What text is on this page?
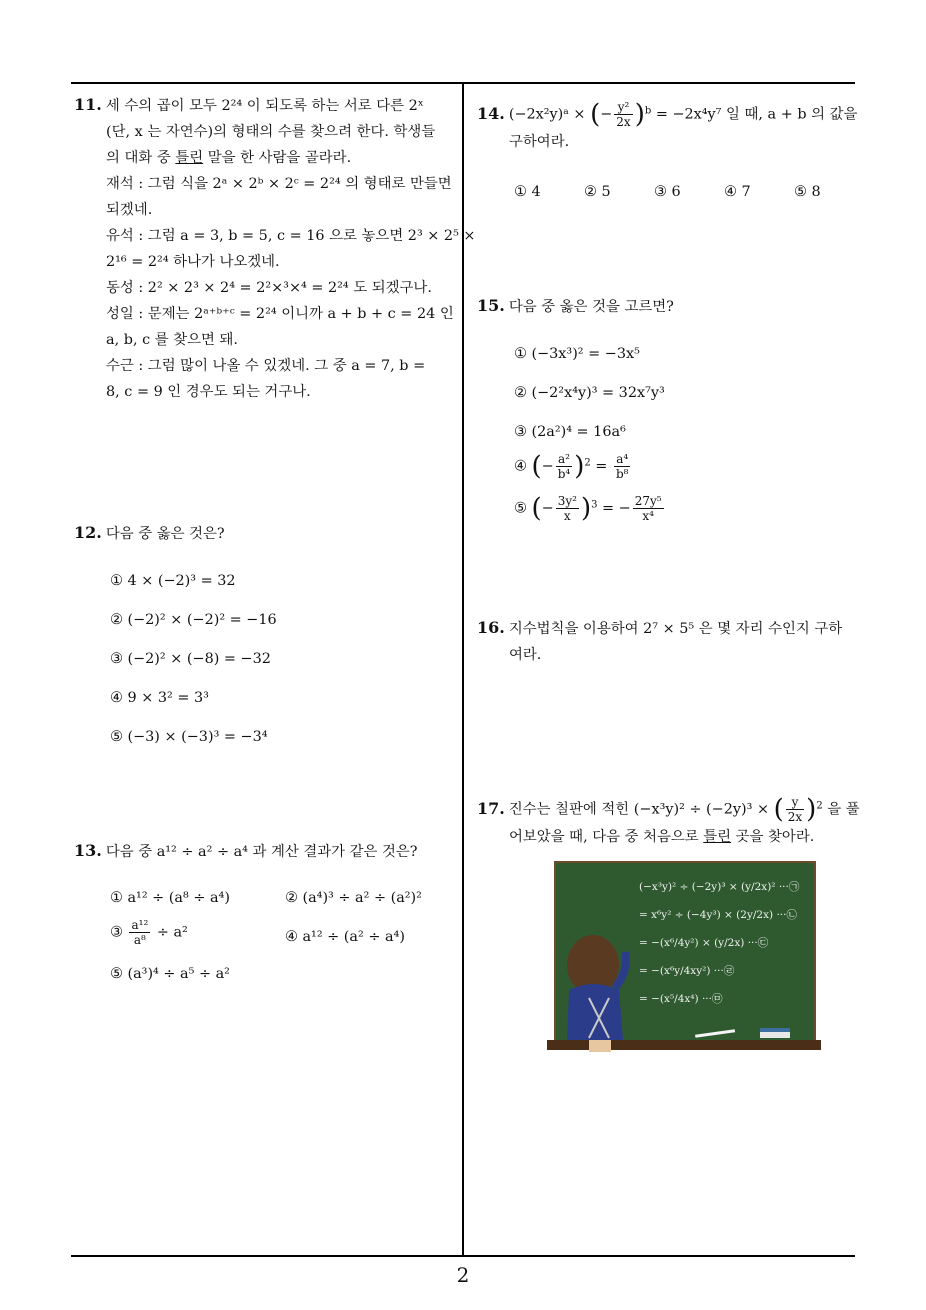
11. 세 수의 곱이 모두 2²⁴ 이 되도록 하는 서로 다른 2ˣ
(단, x 는 자연수)의 형태의 수를 찾으려 한다. 학생들
의 대화 중 틀린 말을 한 사람을 골라라.
재석 : 그럼 식을 2ᵃ × 2ᵇ × 2ᶜ = 2²⁴ 의 형태로 만들면
되겠네.
유석 : 그럼 a = 3, b = 5, c = 16 으로 놓으면 2³ × 2⁵ ×
2¹⁶ = 2²⁴ 하나가 나오겠네.
동성 : 2² × 2³ × 2⁴ = 2²×³×⁴ = 2²⁴ 도 되겠구나.
성일 : 문제는 2ᵃ⁺ᵇ⁺ᶜ = 2²⁴ 이니까 a + b + c = 24 인
a, b, c 를 찾으면 돼.
수근 : 그럼 많이 나올 수 있겠네. 그 중 a = 7, b =
8, c = 9 인 경우도 되는 거구나.
12. 다음 중 옳은 것은?
① 4 × (−2)³ = 32
② (−2)² × (−2)² = −16
③ (−2)² × (−8) = −32
④ 9 × 3² = 3³
⑤ (−3) × (−3)³ = −3⁴
13. 다음 중 a¹² ÷ a² ÷ a⁴ 과 계산 결과가 같은 것은?
① a¹² ÷ (a⁸ ÷ a⁴)	② (a⁴)³ ÷ a² ÷ (a²)²
③ $\frac{\text{a¹²}}{\text{a⁸}} \div a^2$	④ a¹² ÷ (a² ÷ a⁴)
⑤ (a³)⁴ ÷ a⁵ ÷ a²
14. (−2x²y)ᵃ × (− $\frac{\text{y²}}{2x} )^b = -2x^4y^7$ 일 때, a + b 의 값을
구하여라.
① 4	② 5	③ 6	④ 7	⑤ 8
15. 다음 중 옳은 것을 고르면?
① (−3x³)² = −3x⁵
② (−2²x⁴y)³ = 32x⁷y³
③ (2a²)⁴ = 16a⁶
④ (− $\frac{\text{a²}}{\text{b⁴}} )^2 = \frac{\text{a⁴}}{\text{b⁸}}$
⑤ (− $\frac{\text{3y²}}{x} )^3$ = − $\frac{\text{27y⁵}}{\text{x⁴}}$
16. 지수법칙을 이용하여 2⁷ × 5⁵ 은 몇 자리 수인지 구하
여라.
17. 진수는 칠판에 적힌 (−x³y)² ÷ (−2y)³ × ( $\frac{y}{2x} )^2$ 을 풀
어보았을 때, 다음 중 처음으로 틀린 곳을 찾아라.
(−x³y)² ÷ (−2y)³ × (y/2x)² ···㉠
= x⁶y² ÷ (−4y³) × (2y/2x) ···㉡
= −(x⁶/4y²) × (y/2x) ···㉢
= −(x⁶y/4xy²) ···㉣
= −(x⁵/4x⁴) ···㉤
2
